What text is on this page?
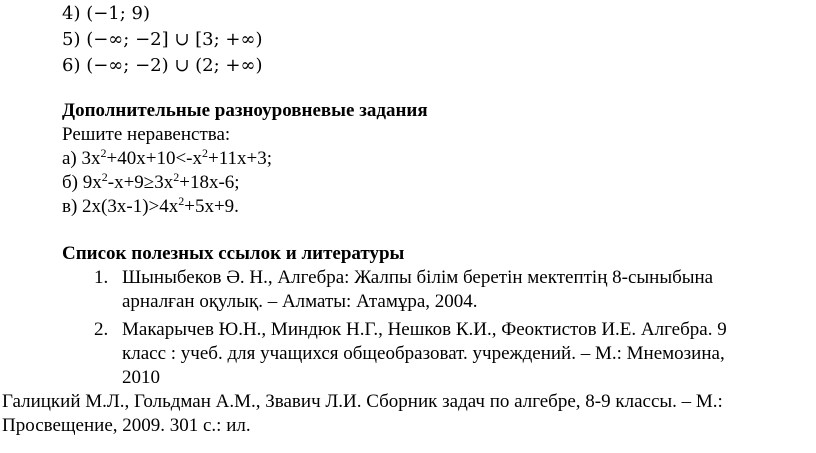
4) (−1; 9)
5) (−∞; −2] ∪ [3; +∞)
6) (−∞; −2) ∪ (2; +∞)
Дополнительные разноуровневые задания
Решите неравенства:
а) $3х^2+40х+10<-х^2+11х+3$;
б) $9х^2-х+9\ge 3х^2+18х-6$;
в) $2х(3х-1)>4х^2+5х+9$.
Список полезных ссылок и литературы
1. Шыныбеков Ә. Н., Алгебра: Жалпы білім беретін мектептің 8-сыныбына
арналған оқулық. – Алматы: Атамұра, 2004.
2. Макарычев Ю.Н., Миндюк Н.Г., Нешков К.И., Феоктистов И.Е. Алгебра. 9
класс : учеб. для учащихся общеобразоват. учреждений. – М.: Мнемозина,
2010
Галицкий М.Л., Гольдман А.М., Звавич Л.И. Сборник задач по алгебре, 8-9 классы. – М.:
Просвещение, 2009. 301 с.: ил.
